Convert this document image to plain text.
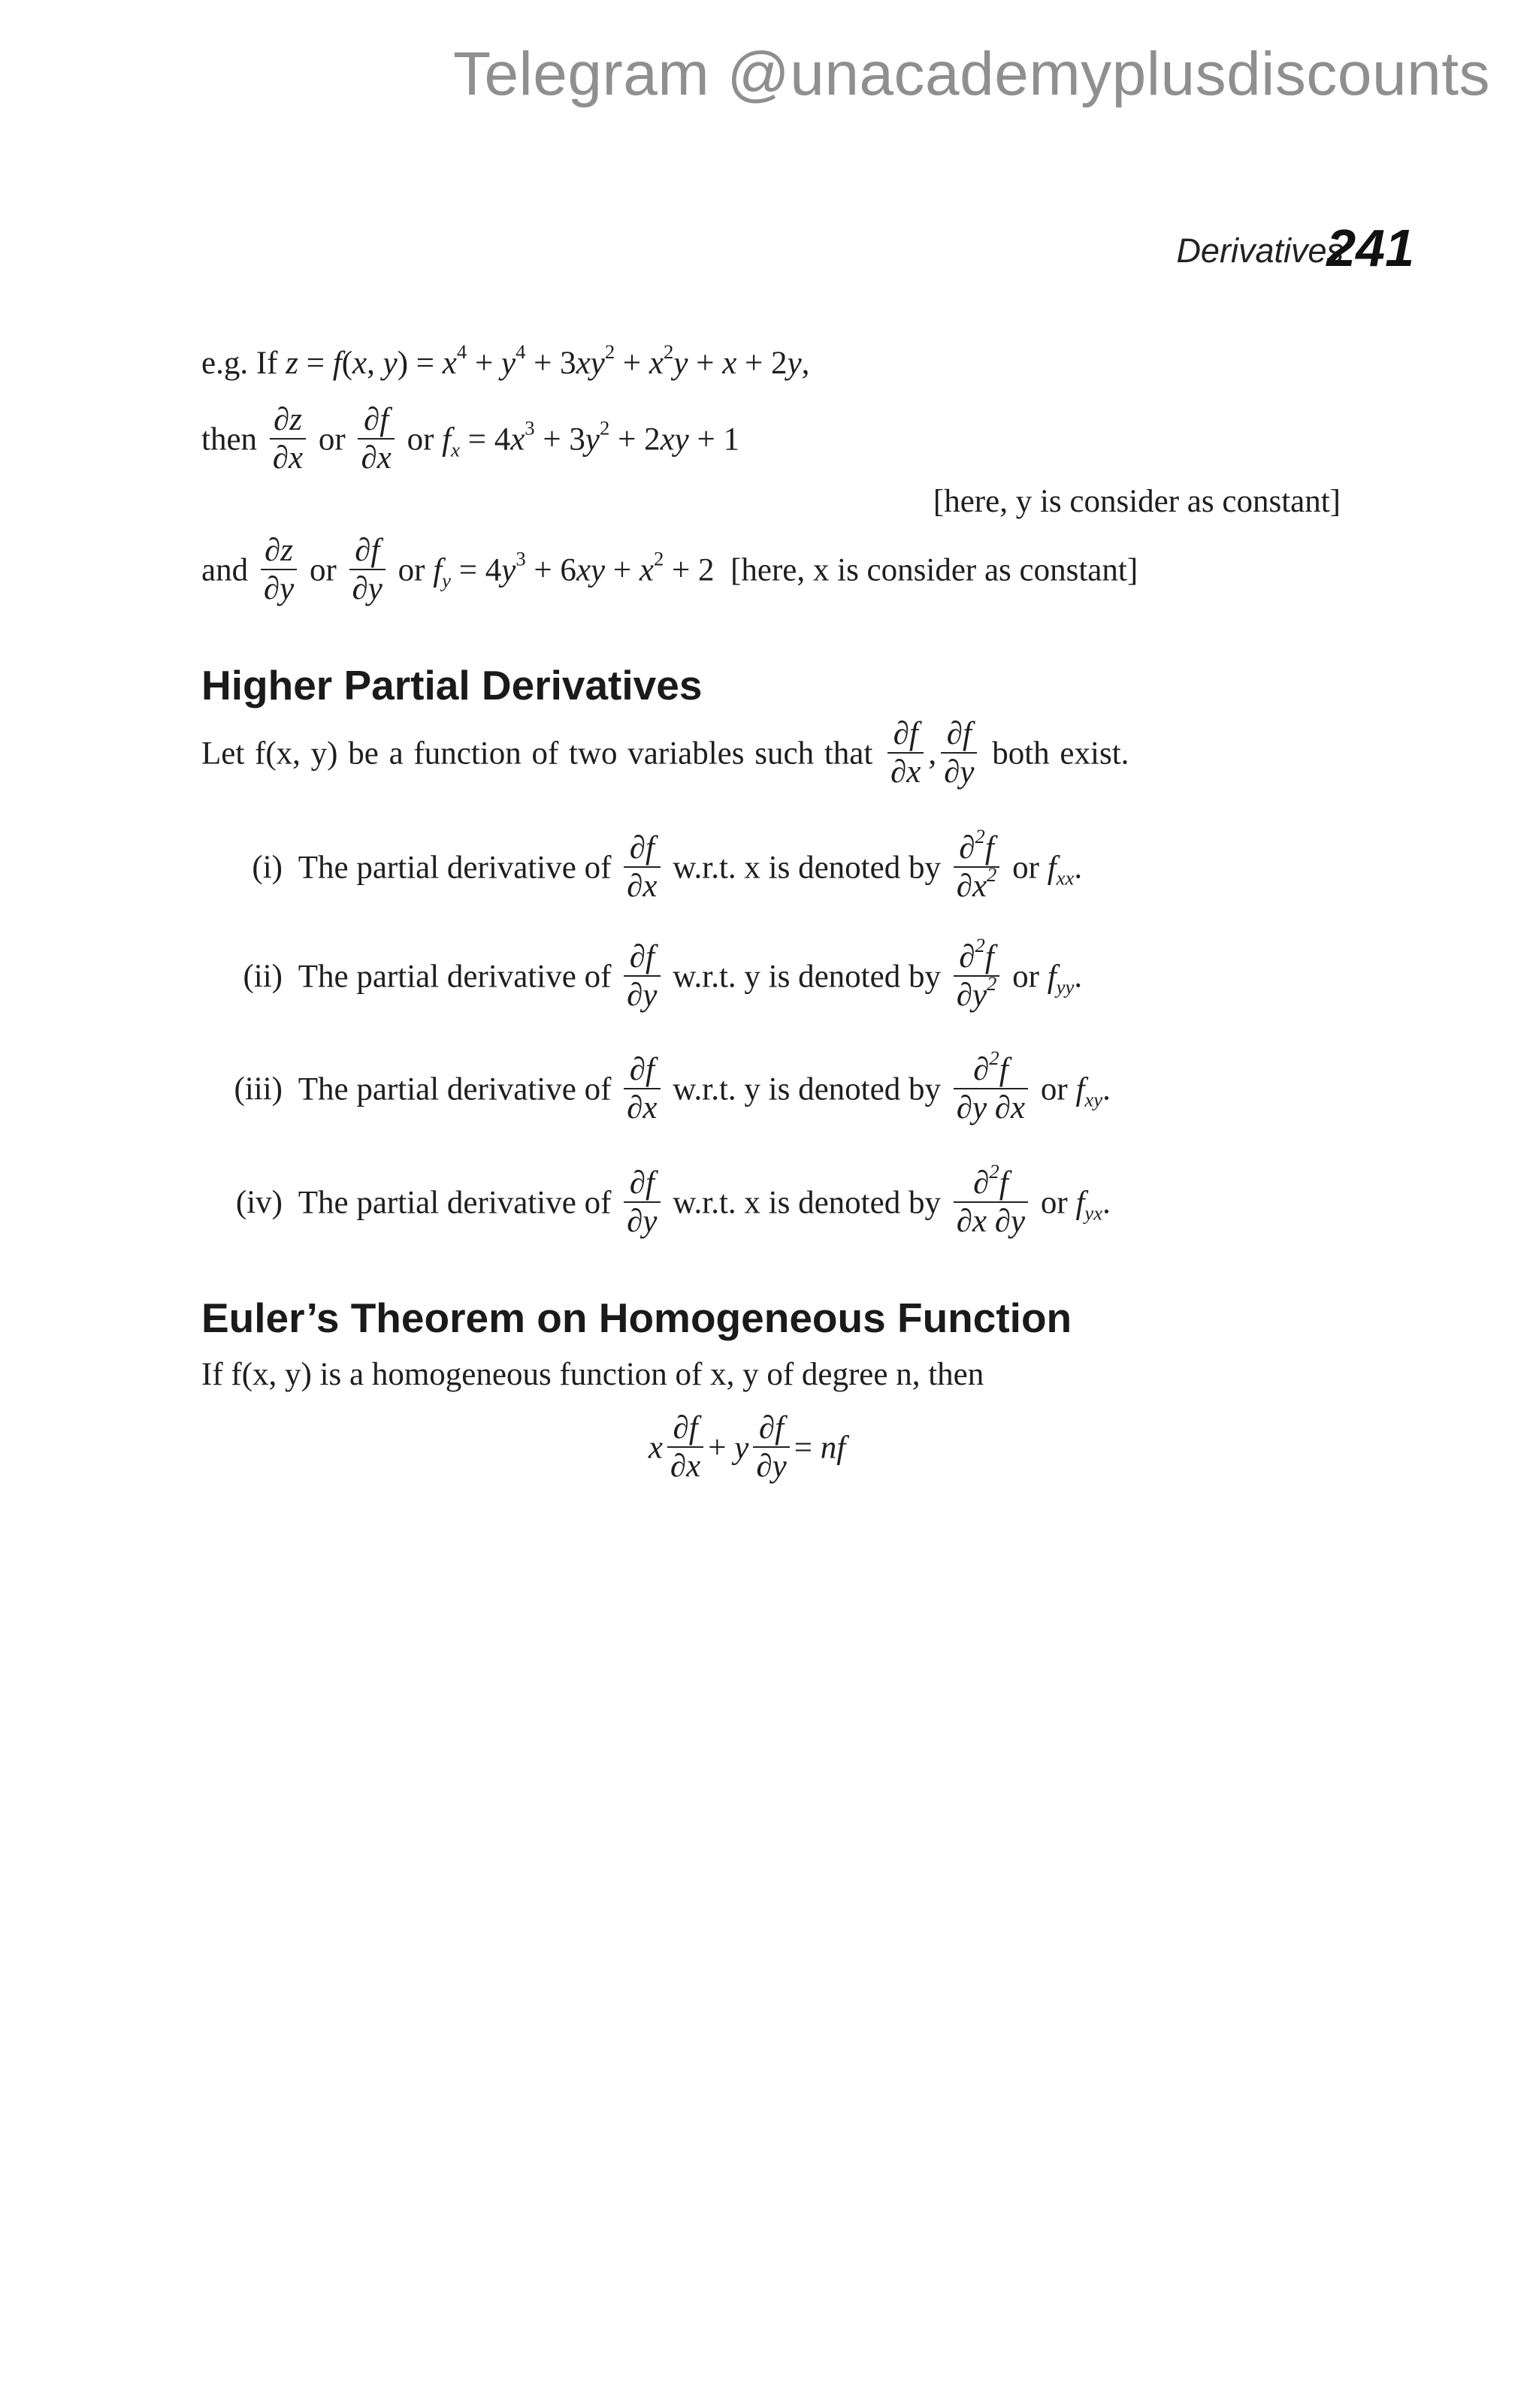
Telegram @unacademyplusdiscounts
Derivatives
241
e.g. If z = f(x, $y) = x^4 + y^4 + 3xy^2 + x^2y + x + 2y$,
then $\frac{\partial z}{\partial x}$ or $\frac{\partial f}{\partial x}$ or $f_x = 4x^3 + 3y^2 + 2xy + 1$
[here, y is consider as constant]
and $\frac{\partial z}{\partial y}$ or $\frac{\partial f}{\partial y}$ or $f_y = 4y^3 + 6xy + x^2 + 2$  [here, x is consider as constant]
Higher Partial Derivatives
Let f(x, y) be a function of two variables such that $\frac{\partial f}{\partial x}$ , $\frac{\partial f}{\partial y}$ both exist.
(i) The partial derivative of $\frac{\partial f}{\partial x} w.r.t$. x is denoted by $\frac{\partial^2f}{\partial x^2}$ or $f_{xx}$.
(ii) The partial derivative of $\frac{\partial f}{\partial y} w.r.t$. y is denoted by $\frac{\partial^2f}{\partial y^2}$ or $f_{yy}$.
(iii) The partial derivative of $\frac{\partial f}{\partial x} w.r.t$. y is denoted by $\frac{\partial^2f}{\partial y \partial x}$ or $f_{xy}$.
(iv) The partial derivative of $\frac{\partial f}{\partial y} w.r.t$. x is denoted by $\frac{\partial^2f}{\partial x \partial y}$ or $f_{yx}$.
Euler’s Theorem on Homogeneous Function
If f(x, y) is a homogeneous function of x, y of degree n, then
x $\frac{\partial f}{\partial x} + y \frac{\partial f}{\partial y}$ = nf
